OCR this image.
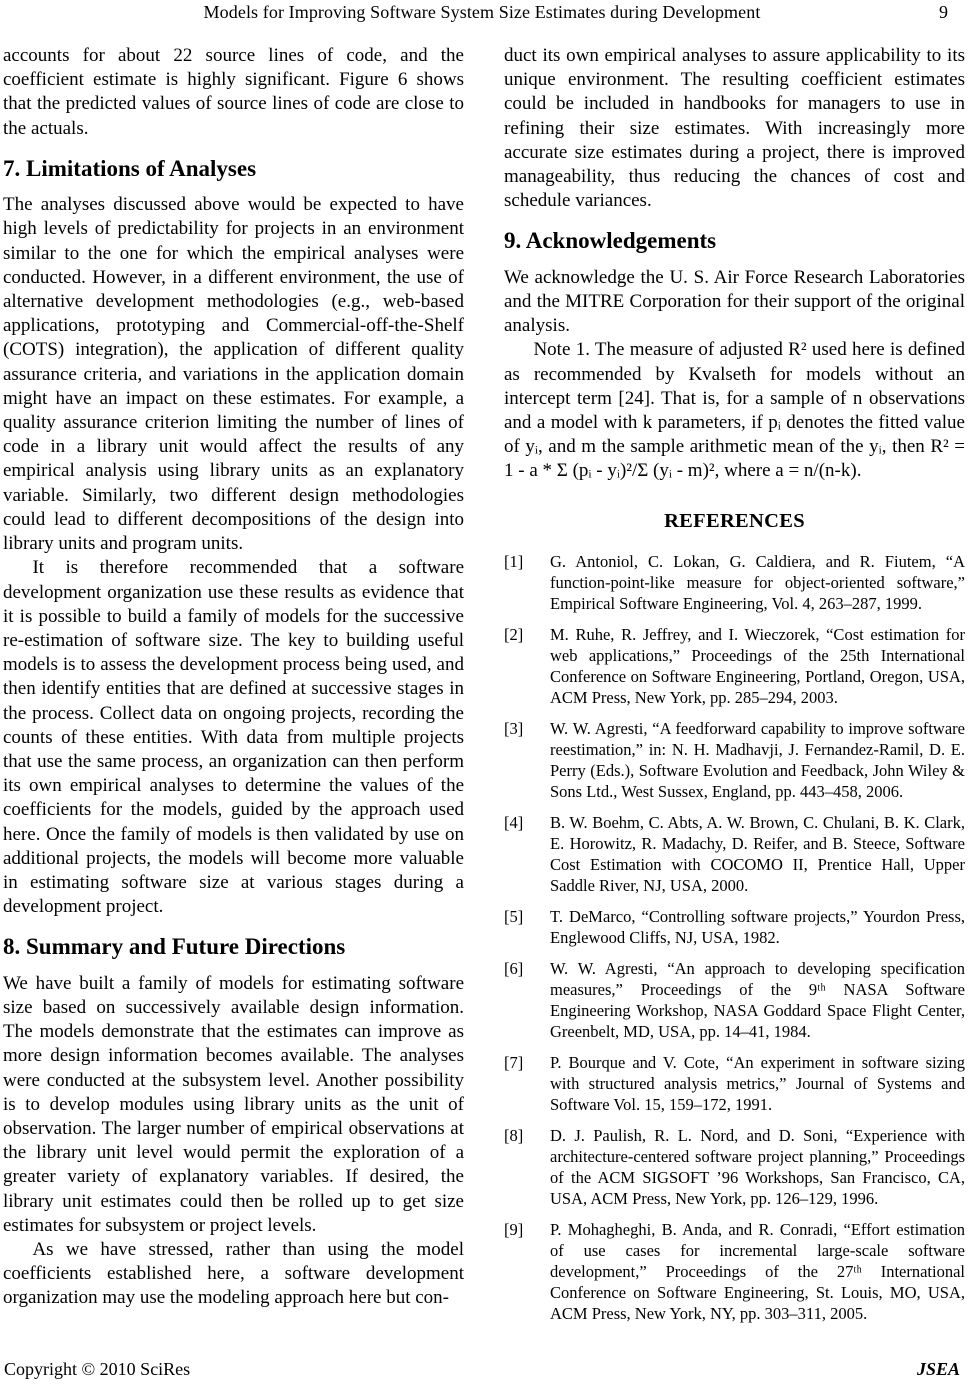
Models for Improving Software System Size Estimates during Development	9

accounts for about 22 source lines of code, and the coefficient estimate is highly significant. Figure 6 shows that the predicted values of source lines of code are close to the actuals.

7. Limitations of Analyses

The analyses discussed above would be expected to have high levels of predictability for projects in an environment similar to the one for which the empirical analyses were conducted. However, in a different environment, the use of alternative development methodologies (e.g., web-based applications, prototyping and Commercial-off-the-Shelf (COTS) integration), the application of different quality assurance criteria, and variations in the application domain might have an impact on these estimates. For example, a quality assurance criterion limiting the number of lines of code in a library unit would affect the results of any empirical analysis using library units as an explanatory variable. Similarly, two different design methodologies could lead to different decompositions of the design into library units and program units.

It is therefore recommended that a software development organization use these results as evidence that it is possible to build a family of models for the successive re-estimation of software size. The key to building useful models is to assess the development process being used, and then identify entities that are defined at successive stages in the process. Collect data on ongoing projects, recording the counts of these entities. With data from multiple projects that use the same process, an organization can then perform its own empirical analyses to determine the values of the coefficients for the models, guided by the approach used here. Once the family of models is then validated by use on additional projects, the models will become more valuable in estimating software size at various stages during a development project.

8. Summary and Future Directions

We have built a family of models for estimating software size based on successively available design information. The models demonstrate that the estimates can improve as more design information becomes available. The analyses were conducted at the subsystem level. Another possibility is to develop modules using library units as the unit of observation. The larger number of empirical observations at the library unit level would permit the exploration of a greater variety of explanatory variables. If desired, the library unit estimates could then be rolled up to get size estimates for subsystem or project levels.

As we have stressed, rather than using the model coefficients established here, a software development organization may use the modeling approach here but con-

duct its own empirical analyses to assure applicability to its unique environment. The resulting coefficient estimates could be included in handbooks for managers to use in refining their size estimates. With increasingly more accurate size estimates during a project, there is improved manageability, thus reducing the chances of cost and schedule variances.

9. Acknowledgements

We acknowledge the U. S. Air Force Research Laboratories and the MITRE Corporation for their support of the original analysis.

Note 1. The measure of adjusted R² used here is defined as recommended by Kvalseth for models without an intercept term [24]. That is, for a sample of n observations and a model with k parameters, if pᵢ denotes the fitted value of yᵢ, and m the sample arithmetic mean of the yᵢ, then R² = 1 - a * Σ (pᵢ - yᵢ)²/Σ (yᵢ - m)², where a = n/(n-k).

REFERENCES
[1]	G. Antoniol, C. Lokan, G. Caldiera, and R. Fiutem, “A function-point-like measure for object-oriented software,” Empirical Software Engineering, Vol. 4, 263–287, 1999.
[2]	M. Ruhe, R. Jeffrey, and I. Wieczorek, “Cost estimation for web applications,” Proceedings of the 25th International Conference on Software Engineering, Portland, Oregon, USA, ACM Press, New York, pp. 285–294, 2003.
[3]	W. W. Agresti, “A feedforward capability to improve software reestimation,” in: N. H. Madhavji, J. Fernandez-Ramil, D. E. Perry (Eds.), Software Evolution and Feedback, John Wiley & Sons Ltd., West Sussex, England, pp. 443–458, 2006.
[4]	B. W. Boehm, C. Abts, A. W. Brown, C. Chulani, B. K. Clark, E. Horowitz, R. Madachy, D. Reifer, and B. Steece, Software Cost Estimation with COCOMO II, Prentice Hall, Upper Saddle River, NJ, USA, 2000.
[5]	T. DeMarco, “Controlling software projects,” Yourdon Press, Englewood Cliffs, NJ, USA, 1982.
[6]	W. W. Agresti, “An approach to developing specification measures,” Proceedings of the 9ᵗʰ NASA Software Engineering Workshop, NASA Goddard Space Flight Center, Greenbelt, MD, USA, pp. 14–41, 1984.
[7]	P. Bourque and V. Cote, “An experiment in software sizing with structured analysis metrics,” Journal of Systems and Software Vol. 15, 159–172, 1991.
[8]	D. J. Paulish, R. L. Nord, and D. Soni, “Experience with architecture-centered software project planning,” Proceedings of the ACM SIGSOFT ’96 Workshops, San Francisco, CA, USA, ACM Press, New York, pp. 126–129, 1996.
[9]	P. Mohagheghi, B. Anda, and R. Conradi, “Effort estimation of use cases for incremental large-scale software development,” Proceedings of the 27ᵗʰ International Conference on Software Engineering, St. Louis, MO, USA, ACM Press, New York, NY, pp. 303–311, 2005.
Copyright © 2010 SciRes	JSEA
